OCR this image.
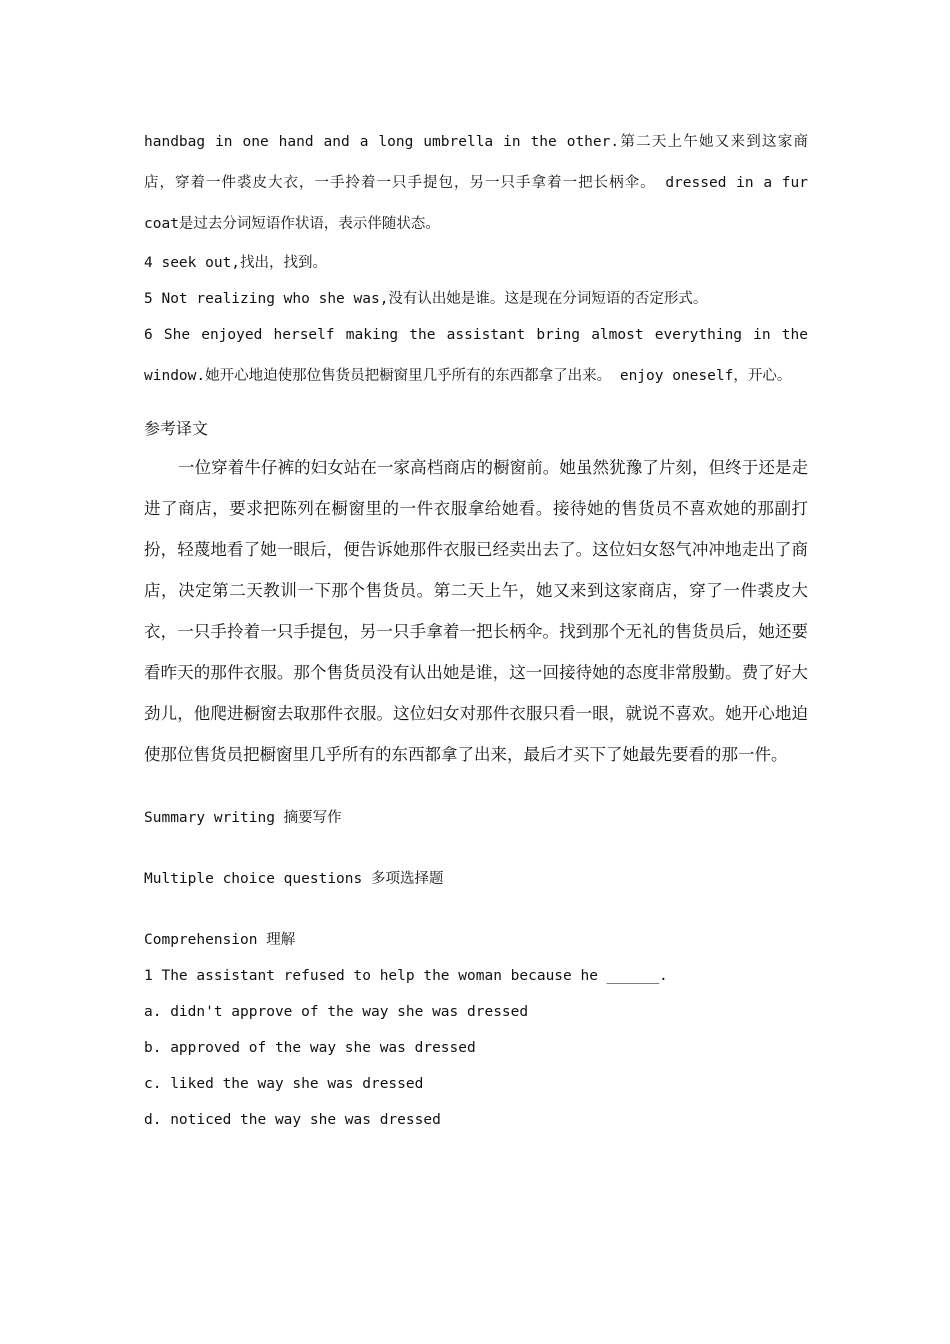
handbag in one hand and a long umbrella in the other.第二天上午她又来到这家商店，穿着一件裘皮大衣，一手拎着一只手提包，另一只手拿着一把长柄伞。 dressed in a fur coat是过去分词短语作状语，表示伴随状态。

4 seek out,找出，找到。

5 Not realizing who she was,没有认出她是谁。这是现在分词短语的否定形式。

6 She enjoyed herself making the assistant bring almost everything in the window.她开心地迫使那位售货员把橱窗里几乎所有的东西都拿了出来。 enjoy oneself，开心。

参考译文

一位穿着牛仔裤的妇女站在一家高档商店的橱窗前。她虽然犹豫了片刻，但终于还是走进了商店，要求把陈列在橱窗里的一件衣服拿给她看。接待她的售货员不喜欢她的那副打扮，轻蔑地看了她一眼后，便告诉她那件衣服已经卖出去了。这位妇女怒气冲冲地走出了商店，决定第二天教训一下那个售货员。第二天上午，她又来到这家商店，穿了一件裘皮大衣，一只手拎着一只手提包，另一只手拿着一把长柄伞。找到那个无礼的售货员后，她还要看昨天的那件衣服。那个售货员没有认出她是谁，这一回接待她的态度非常殷勤。费了好大劲儿，他爬进橱窗去取那件衣服。这位妇女对那件衣服只看一眼，就说不喜欢。她开心地迫使那位售货员把橱窗里几乎所有的东西都拿了出来，最后才买下了她最先要看的那一件。

Summary writing 摘要写作

Multiple choice questions 多项选择题

Comprehension 理解

1 The assistant refused to help the woman because he ______.

a. didn't approve of the way she was dressed

b. approved of the way she was dressed

c. liked the way she was dressed

d. noticed the way she was dressed
